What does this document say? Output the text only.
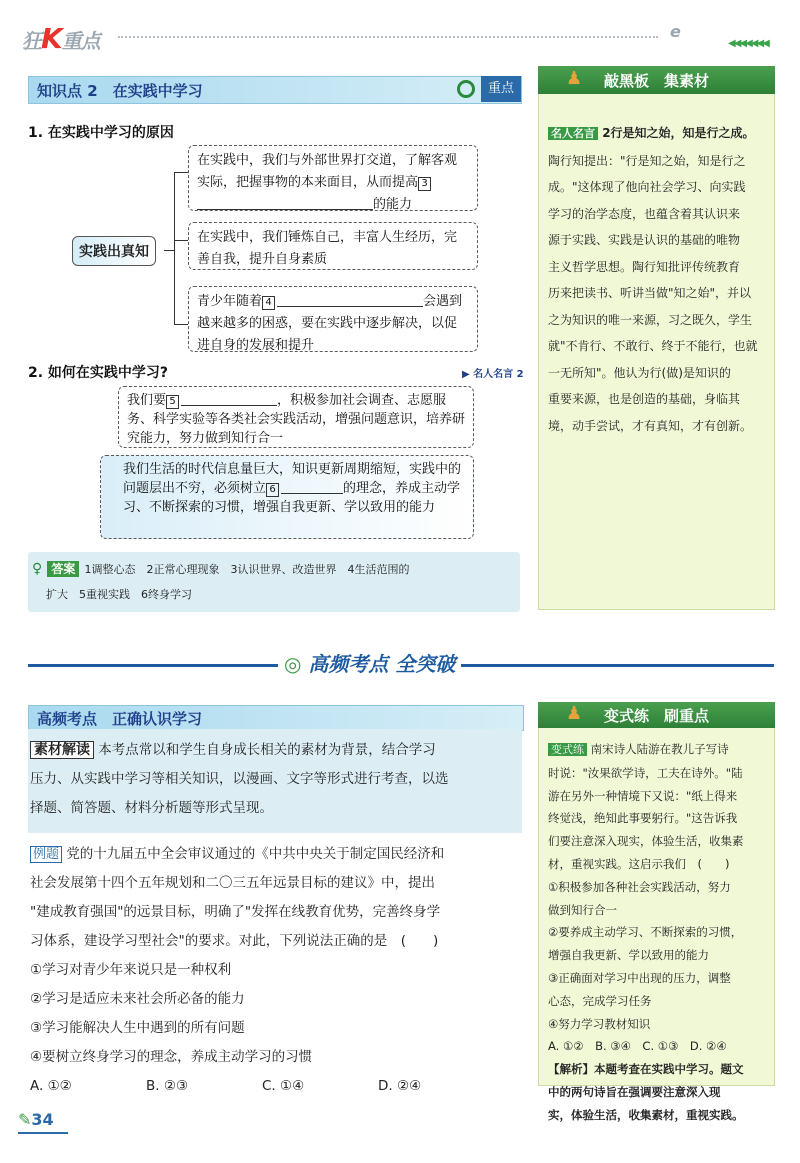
狂K重点	e
◀◀◀◀◀◀◀
知识点 2　在实践中学习	重点
1. 在实践中学习的原因
实践出真知
在实践中，我们与外部世界打交道，了解客观实际，把握事物的本来面目，从而提高 3的能力
在实践中，我们锤炼自己，丰富人生经历，完善自我，提升自身素质
青少年随着 4	会遇到越来越多的困惑，要在实践中逐步解决，以促进自身的发展和提升
2. 如何在实践中学习?	▶ 名人名言 2
我们要 5	，积极参加社会调查、志愿服务、科学实验等各类社会实践活动，增强问题意识，培养研究能力，努力做到知行合一
我们生活的时代信息量巨大，知识更新周期缩短，实践中的问题层出不穷，必须树立 6	的理念，养成主动学习、不断探索的习惯，增强自我更新、学以致用的能力
♀ 答案 1调整心态　2正常心理现象　3认识世界、改造世界　4生活范围的
扩大　5重视实践　6终身学习
♟ 敲黑板　集素材
名人名言 2行是知之始，知是行之成。
陶行知提出："行是知之始，知是行之
成。"这体现了他向社会学习、向实践
学习的治学态度，也蕴含着其认识来
源于实践、实践是认识的基础的唯物
主义哲学思想。陶行知批评传统教育
历来把读书、听讲当做"知之始"，并以
之为知识的唯一来源，习之既久，学生
就"不肯行、不敢行、终于不能行，也就
一无所知"。他认为行(做)是知识的
重要来源，也是创造的基础，身临其
境，动手尝试，才有真知，才有创新。
◎ 高频考点 全突破
高频考点　正确认识学习
素材解读 本考点常以和学生自身成长相关的素材为背景，结合学习
压力、从实践中学习等相关知识，以漫画、文字等形式进行考查，以选
择题、简答题、材料分析题等形式呈现。
例题 党的十九届五中全会审议通过的《中共中央关于制定国民经济和
社会发展第十四个五年规划和二〇三五年远景目标的建议》中，提出
"建成教育强国"的远景目标，明确了"发挥在线教育优势，完善终身学
习体系，建设学习型社会"的要求。对此，下列说法正确的是　(　　)
①学习对青少年来说只是一种权利
②学习是适应未来社会所必备的能力
③学习能解决人生中遇到的所有问题
④要树立终身学习的理念，养成主动学习的习惯
A. ①②	B. ②③	C. ①④	D. ②④
♟ 变式练　刷重点
变式练 南宋诗人陆游在教儿子写诗
时说："汝果欲学诗，工夫在诗外。"陆
游在另外一种情境下又说："纸上得来
终觉浅，绝知此事要躬行。"这告诉我
们要注意深入现实，体验生活，收集素
材，重视实践。这启示我们　(　　)
①积极参加各种社会实践活动，努力
做到知行合一
②要养成主动学习、不断探索的习惯，
增强自我更新、学以致用的能力
③正确面对学习中出现的压力，调整
心态，完成学习任务
④努力学习教材知识
A. ①②　B. ③④　C. ①③　D. ②④
【解析】本题考查在实践中学习。题文
中的两句诗旨在强调要注意深入现
实，体验生活，收集素材，重视实践。
✎34
